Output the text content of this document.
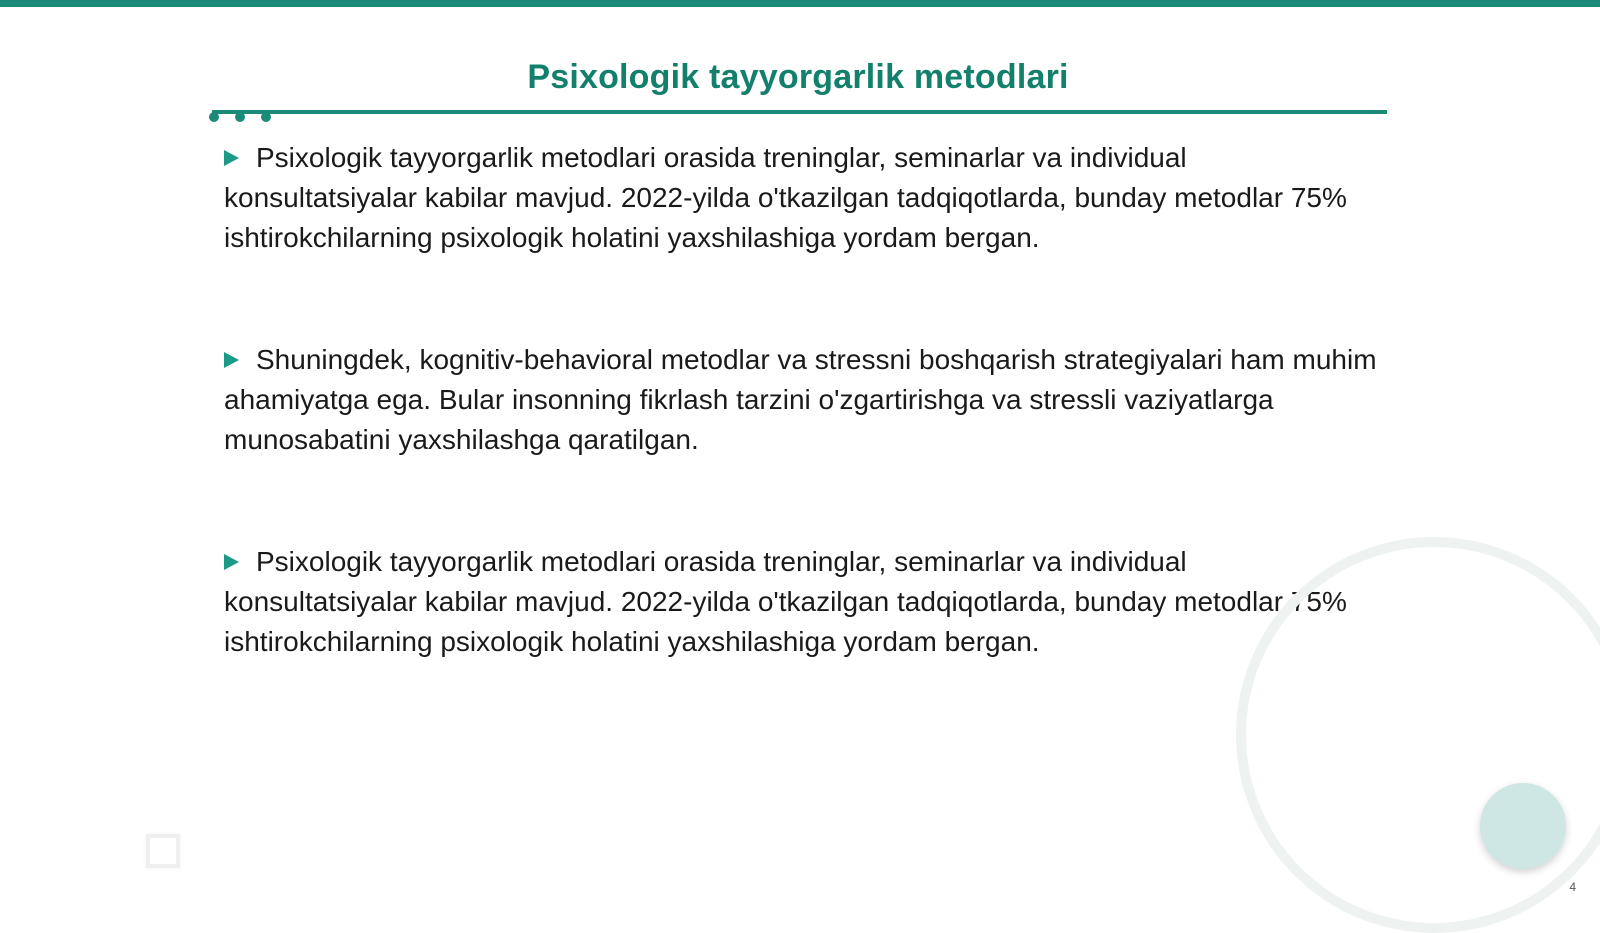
Psixologik tayyorgarlik metodlari

Psixologik tayyorgarlik metodlari orasida treninglar, seminarlar va individual konsultatsiyalar kabilar mavjud. 2022-yilda o'tkazilgan tadqiqotlarda, bunday metodlar 75% ishtirokchilarning psixologik holatini yaxshilashiga yordam bergan.

Shuningdek, kognitiv-behavioral metodlar va stressni boshqarish strategiyalari ham muhim ahamiyatga ega. Bular insonning fikrlash tarzini o'zgartirishga va stressli vaziyatlarga munosabatini yaxshilashga qaratilgan.

Psixologik tayyorgarlik metodlari orasida treninglar, seminarlar va individual konsultatsiyalar kabilar mavjud. 2022-yilda o'tkazilgan tadqiqotlarda, bunday metodlar 75% ishtirokchilarning psixologik holatini yaxshilashiga yordam bergan.

4
